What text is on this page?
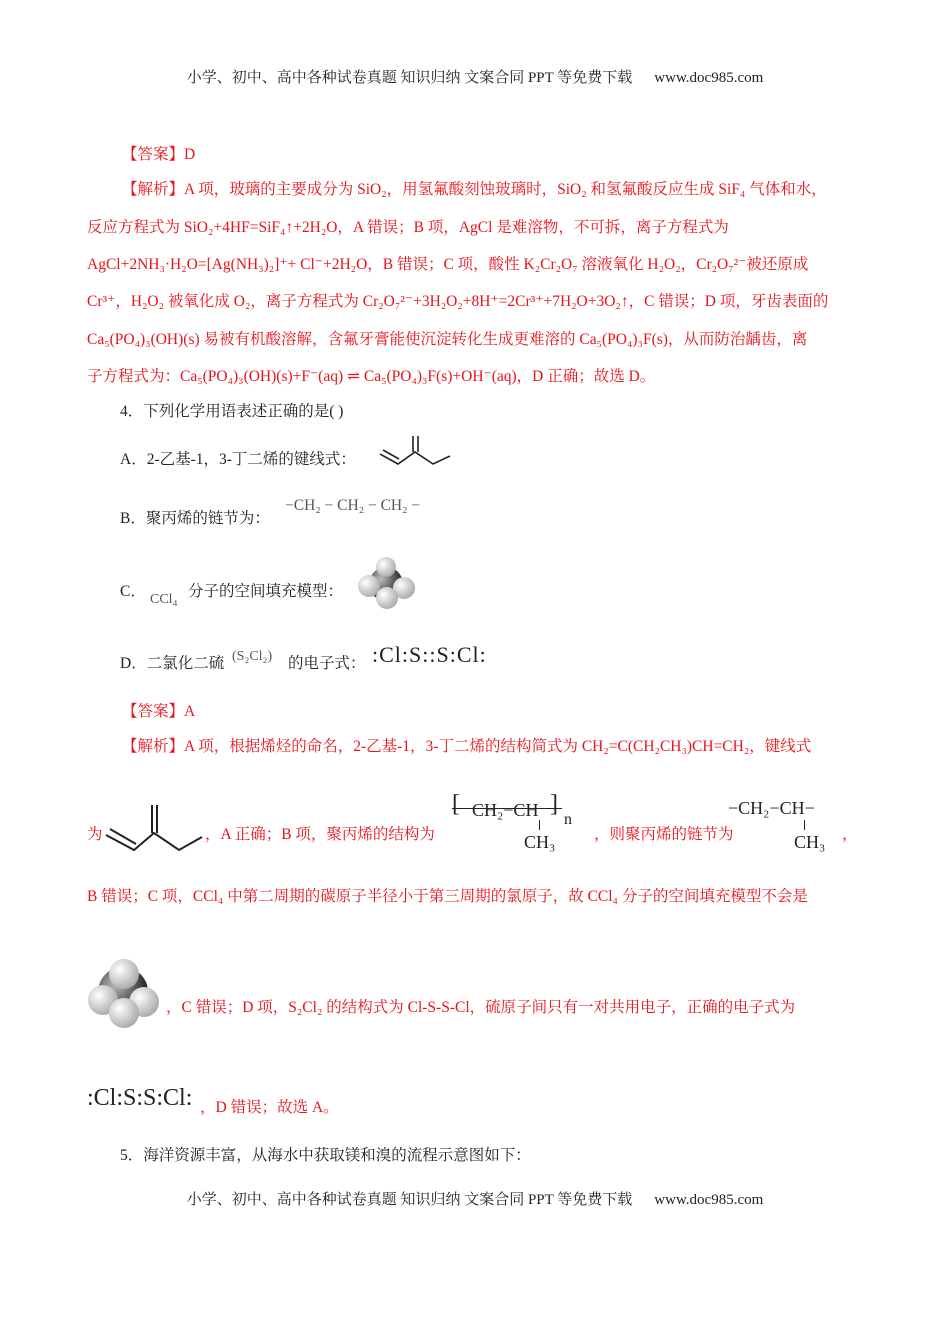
小学、初中、高中各种试卷真题 知识归纳 文案合同 PPT 等免费下载 www.doc985.com
【答案】D
【解析】A 项，玻璃的主要成分为 SiO₂，用氢氟酸刻蚀玻璃时，SiO₂ 和氢氟酸反应生成 SiF₄ 气体和水，
反应方程式为 SiO₂+4HF=SiF₄↑+2H₂O，A 错误；B 项，AgCl 是难溶物，不可拆，离子方程式为
AgCl+2NH₃·H₂O=[Ag(NH₃)₂]⁺+ Cl⁻+2H₂O，B 错误；C 项，酸性 K₂Cr₂O₇ 溶液氧化 H₂O₂，Cr₂O₇²⁻被还原成
Cr³⁺，H₂O₂ 被氧化成 O₂，离子方程式为 Cr₂O₇²⁻+3H₂O₂+8H⁺=2Cr³⁺+7H₂O+3O₂↑，C 错误；D 项，牙齿表面的
Ca₅(PO₄)₃(OH)(s) 易被有机酸溶解，含氟牙膏能使沉淀转化生成更难溶的 Ca₅(PO₄)₃F(s)，从而防治龋齿，离
子方程式为：Ca₅(PO₄)₃(OH)(s)+F⁻(aq) ⇌ Ca₅(PO₄)₃F(s)+OH⁻(aq)，D 正确；故选 D。
4．下列化学用语表述正确的是( )
A．2-乙基-1，3-丁二烯的键线式：
B．聚丙烯的链节为：
−CH₂ − CH₂ − CH₂ −
C． CCl₄ 分子的空间填充模型：
D．二氯化二硫 (S₂Cl₂) 的电子式： :Cl:S::S:Cl:
【答案】A
【解析】A 项，根据烯烃的命名，2-乙基-1，3-丁二烯的结构简式为 CH₂=C(CH₂CH₃)CH=CH₂，键线式
为	，A 正确；B 项，聚丙烯的结构为
[ CH₂−CH ]
n
CH₃ ，则聚丙烯的链节为
−CH₂−CH−
CH₃ ，
B 错误；C 项，CCl₄ 中第二周期的碳原子半径小于第三周期的氯原子，故 CCl₄ 分子的空间填充模型不会是
，C 错误；D 项，S₂Cl₂ 的结构式为 Cl-S-S-Cl，硫原子间只有一对共用电子，正确的电子式为
:Cl:S:S:Cl: ，D 错误；故选 A。
5．海洋资源丰富，从海水中获取镁和溴的流程示意图如下：
小学、初中、高中各种试卷真题 知识归纳 文案合同 PPT 等免费下载 www.doc985.com
